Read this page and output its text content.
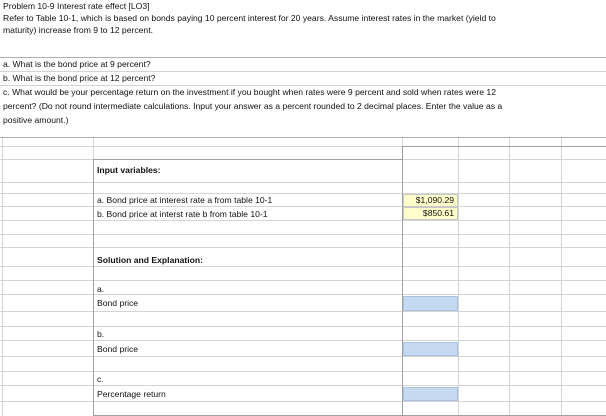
Problem 10-9 Interest rate effect [LO3]
Refer to Table 10-1, which is based on bonds paying 10 percent interest for 20 years. Assume interest rates in the market (yield to
maturity) increase from 9 to 12 percent.
a. What is the bond price at 9 percent?
b. What is the bond price at 12 percent?
c. What would be your percentage return on the investment if you bought when rates were 9 percent and sold when rates were 12
percent? (Do not round intermediate calculations. Input your answer as a percent rounded to 2 decimal places. Enter the value as a
positive amount.)
Input variables:
a. Bond price at interest rate a from table 10-1
b. Bond price at interst rate b from table 10-1
$1,090.29
$850.61
Solution and Explanation:
a.
Bond price
b.
Bond price
c.
Percentage return
